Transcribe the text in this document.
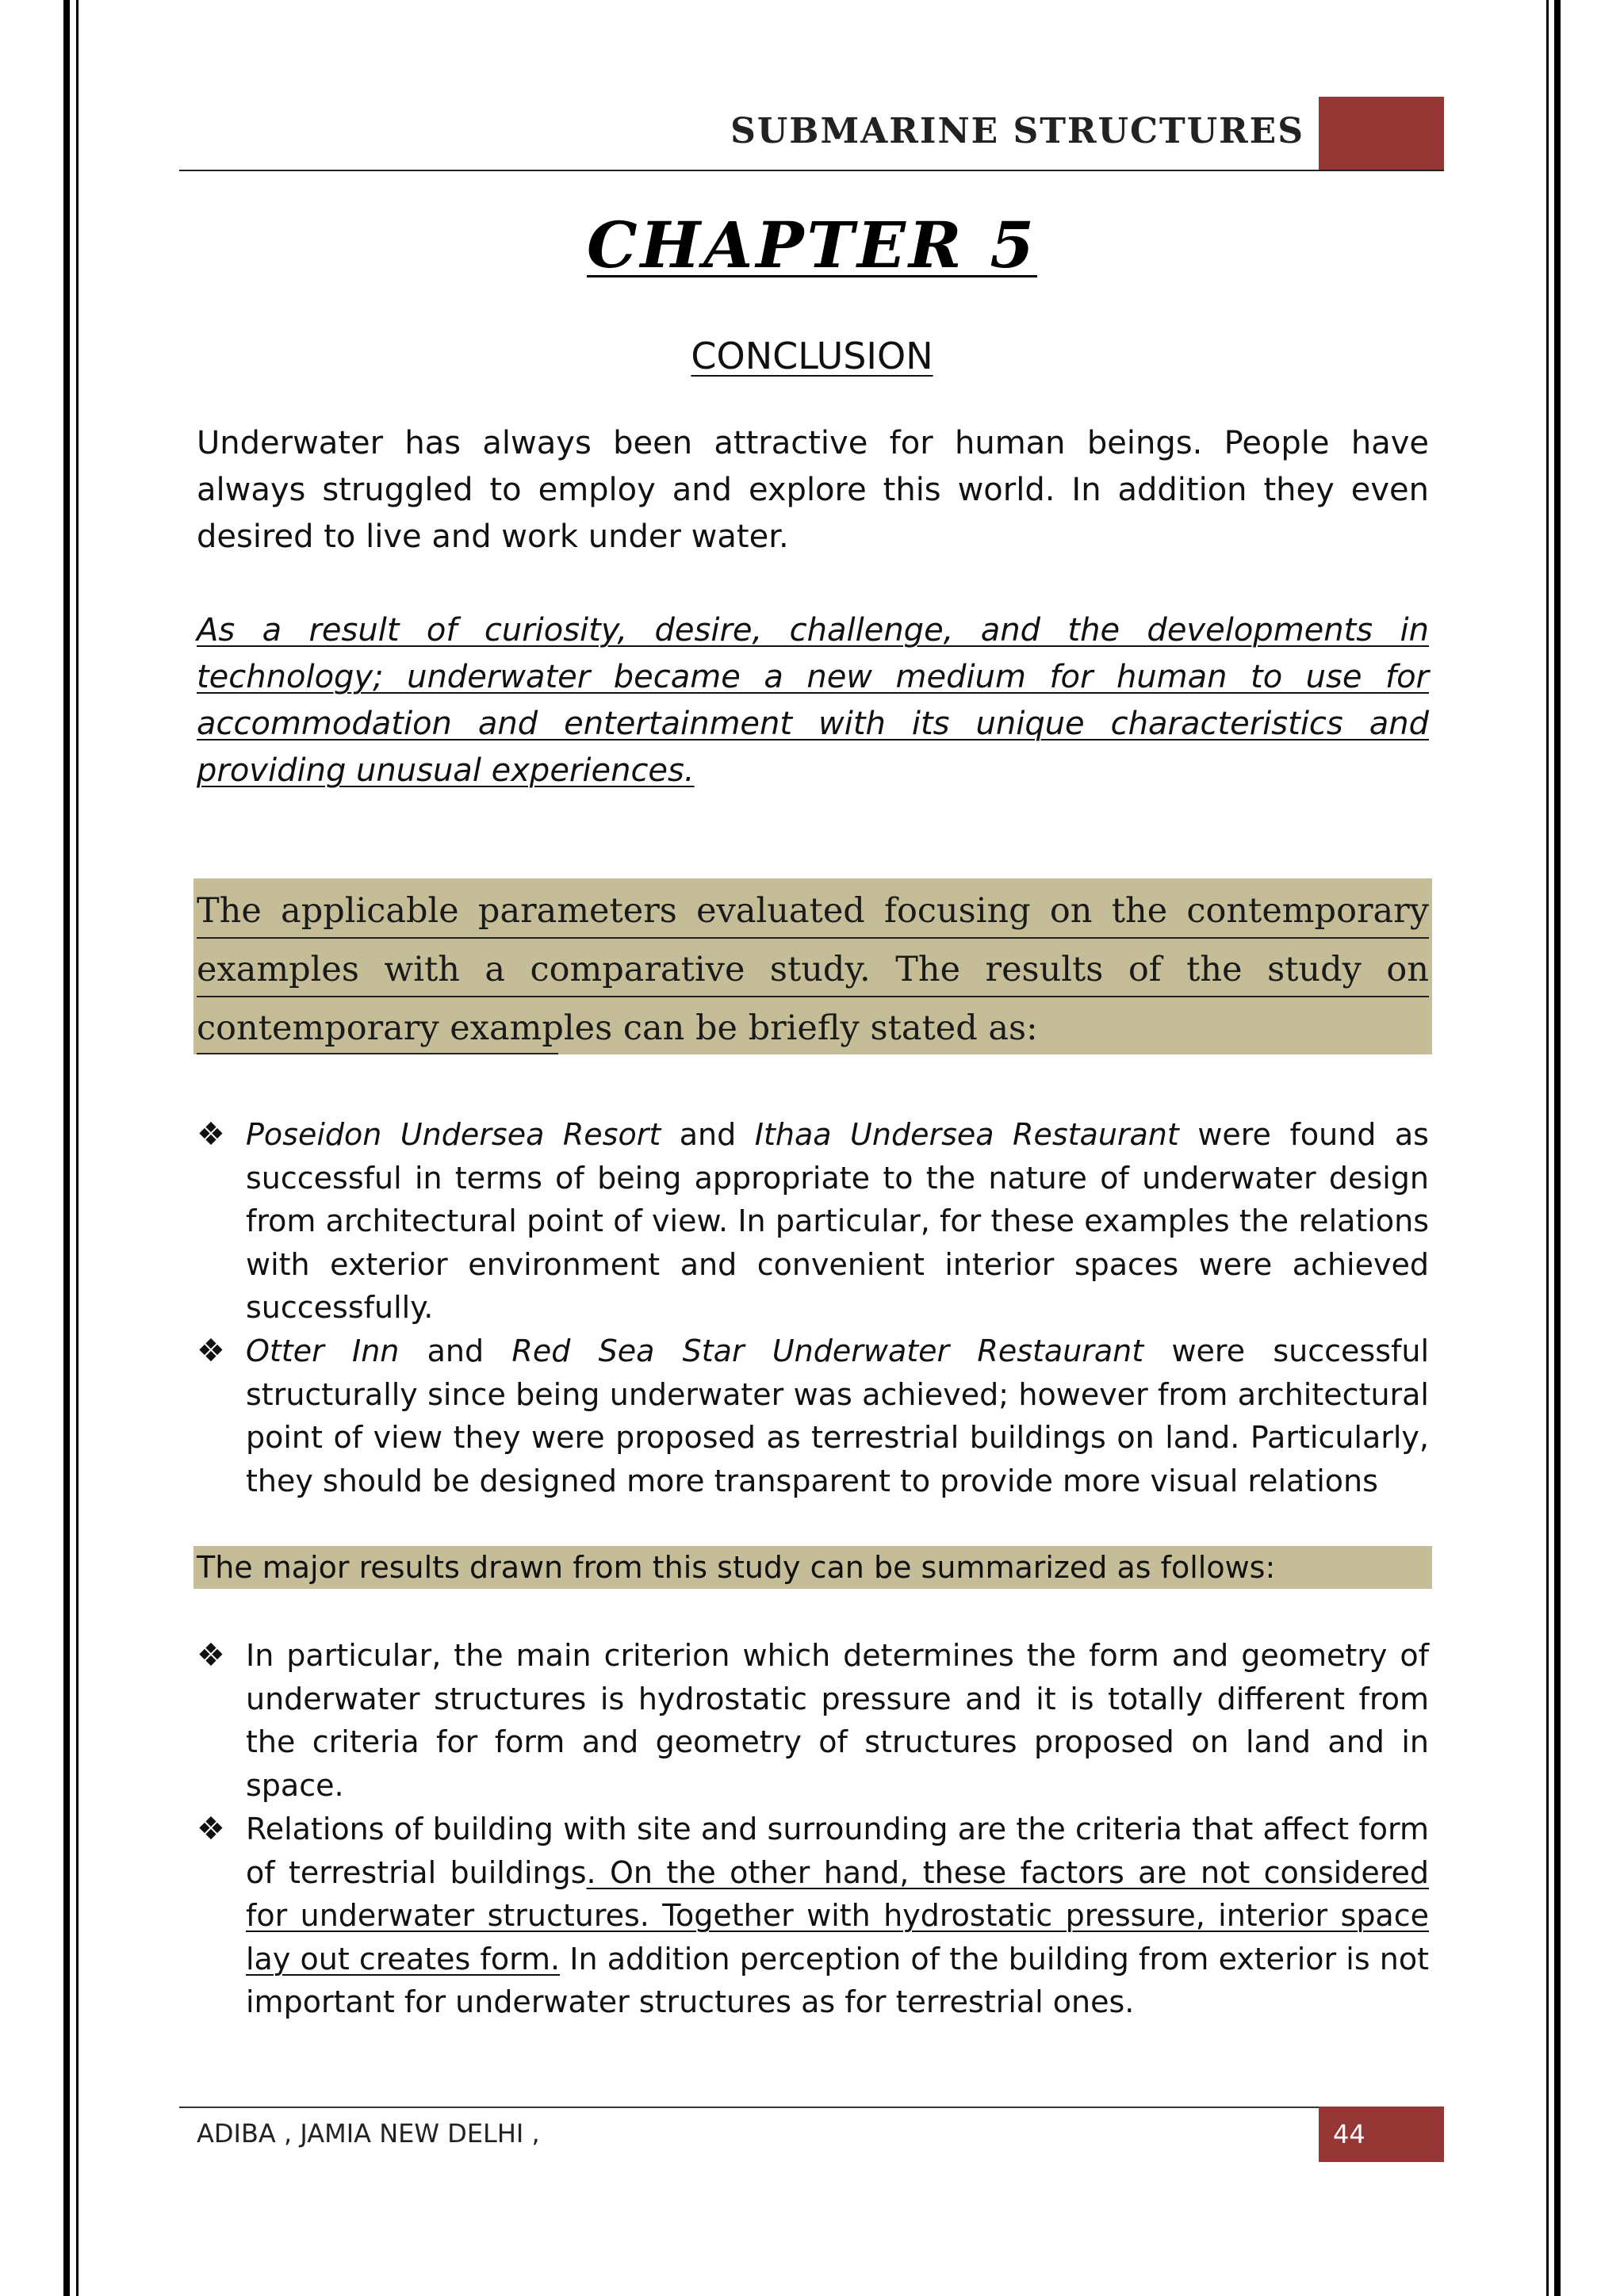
SUBMARINE STRUCTURES
CHAPTER 5
CONCLUSION
Underwater has always been attractive for human beings. People have always struggled to employ and explore this world. In addition they even desired to live and work under water.
As a result of curiosity, desire, challenge, and the developments in technology; underwater became a new medium for human to use for accommodation and entertainment with its unique characteristics and providing unusual experiences.
The applicable parameters evaluated focusing on the contemporary examples with a comparative study. The results of the study on contemporary examples can be briefly stated as:
❖ Poseidon Undersea Resort and Ithaa Undersea Restaurant were found as successful in terms of being appropriate to the nature of underwater design from architectural point of view. In particular, for these examples the relations with exterior environment and convenient interior spaces were achieved successfully.
❖ Otter Inn and Red Sea Star Underwater Restaurant were successful structurally since being underwater was achieved; however from architectural point of view they were proposed as terrestrial buildings on land. Particularly, they should be designed more transparent to provide more visual relations
The major results drawn from this study can be summarized as follows:
❖ In particular, the main criterion which determines the form and geometry of underwater structures is hydrostatic pressure and it is totally different from the criteria for form and geometry of structures proposed on land and in space.
❖ Relations of building with site and surrounding are the criteria that affect form of terrestrial buildings. On the other hand, these factors are not considered for underwater structures. Together with hydrostatic pressure, interior space lay out creates form. In addition perception of the building from exterior is not important for underwater structures as for terrestrial ones.
ADIBA , JAMIA NEW DELHI ,	44
